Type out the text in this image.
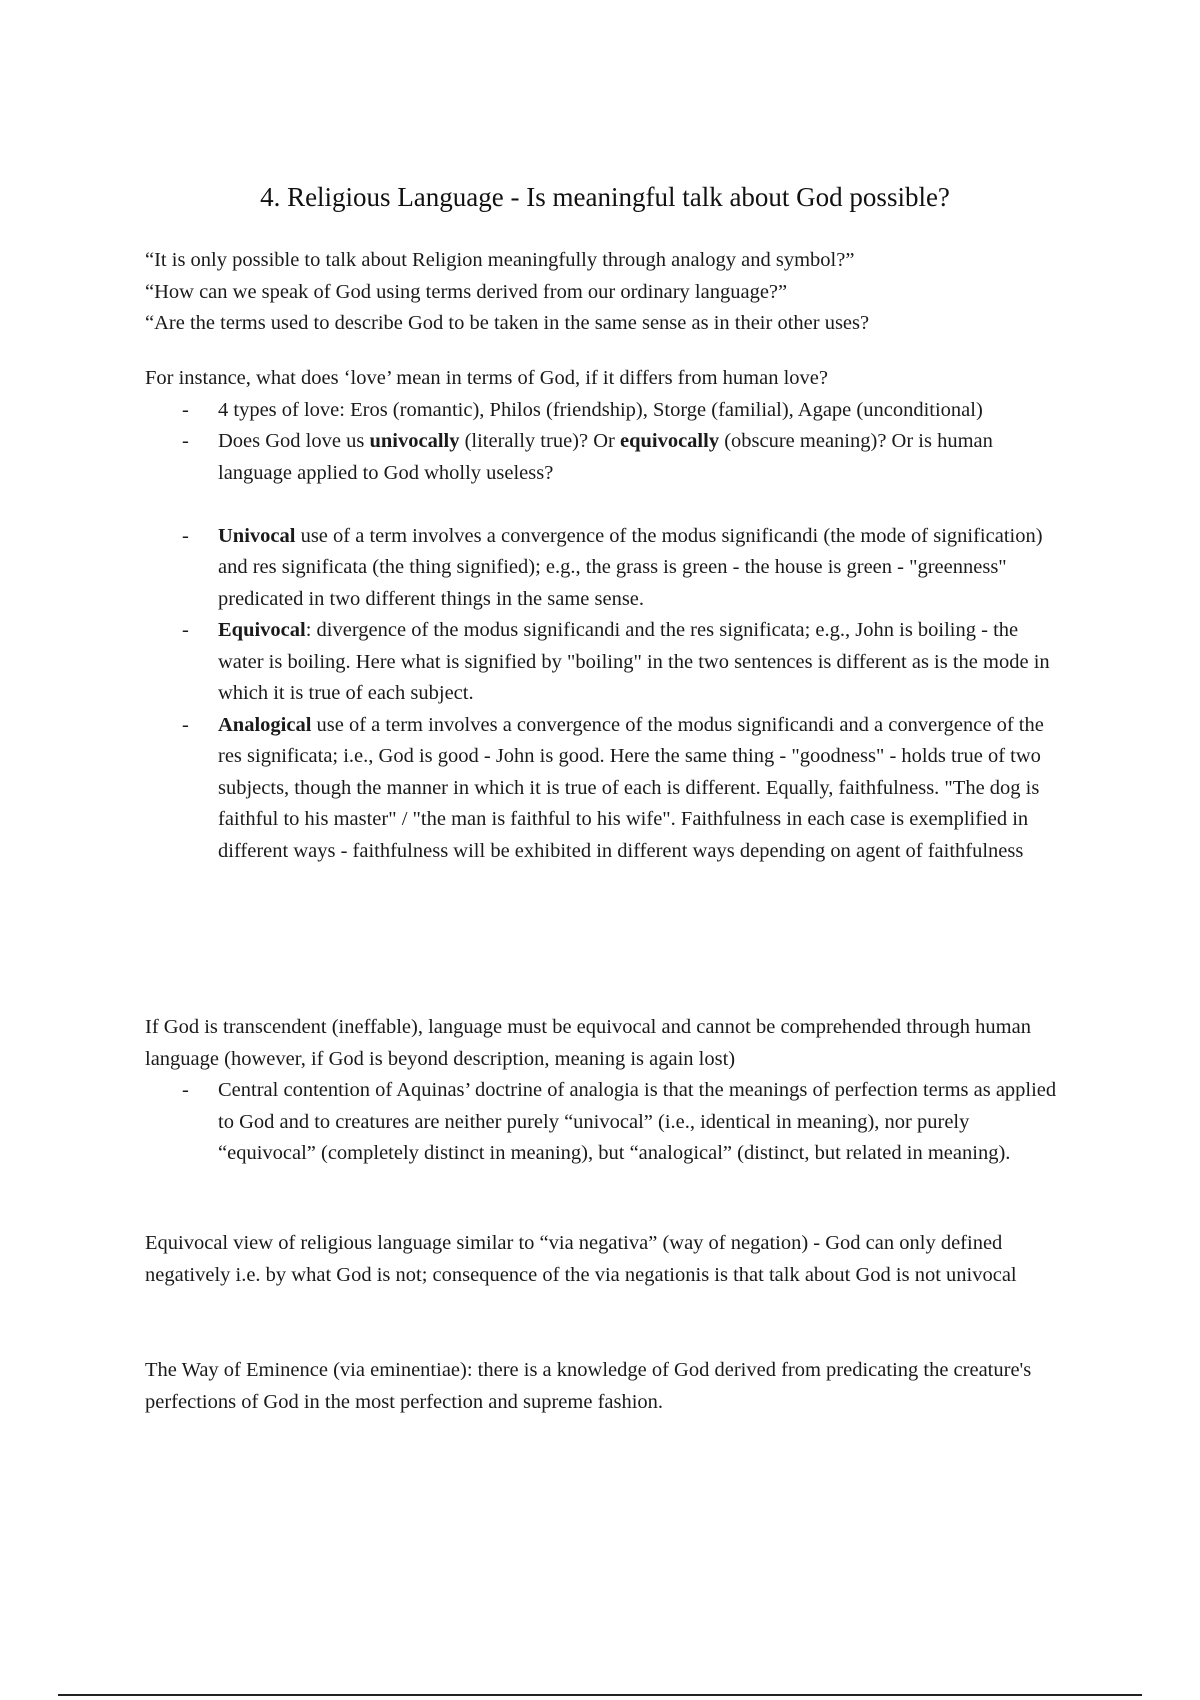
4. Religious Language - Is meaningful talk about God possible?
“It is only possible to talk about Religion meaningfully through analogy and symbol?”
“How can we speak of God using terms derived from our ordinary language?”
“Are the terms used to describe God to be taken in the same sense as in their other uses?
For instance, what does ‘love’ mean in terms of God, if it differs from human love?
- 4 types of love: Eros (romantic), Philos (friendship), Storge (familial), Agape (unconditional)
- Does God love us univocally (literally true)? Or equivocally (obscure meaning)? Or is human language applied to God wholly useless?
- Univocal use of a term involves a convergence of the modus significandi (the mode of signification) and res significata (the thing signified); e.g., the grass is green - the house is green - "greenness" predicated in two different things in the same sense.
- Equivocal: divergence of the modus significandi and the res significata; e.g., John is boiling - the water is boiling. Here what is signified by "boiling" in the two sentences is different as is the mode in which it is true of each subject.
- Analogical use of a term involves a convergence of the modus significandi and a convergence of the res significata; i.e., God is good - John is good. Here the same thing - "goodness" - holds true of two subjects, though the manner in which it is true of each is different. Equally, faithfulness. "The dog is faithful to his master" / "the man is faithful to his wife". Faithfulness in each case is exemplified in different ways - faithfulness will be exhibited in different ways depending on agent of faithfulness
If God is transcendent (ineffable), language must be equivocal and cannot be comprehended through human language (however, if God is beyond description, meaning is again lost)
- Central contention of Aquinas’ doctrine of analogia is that the meanings of perfection terms as applied to God and to creatures are neither purely “univocal” (i.e., identical in meaning), nor purely “equivocal” (completely distinct in meaning), but “analogical” (distinct, but related in meaning).
Equivocal view of religious language similar to “via negativa” (way of negation) - God can only defined negatively i.e. by what God is not; consequence of the via negationis is that talk about God is not univocal
The Way of Eminence (via eminentiae): there is a knowledge of God derived from predicating the creature's perfections of God in the most perfection and supreme fashion.
